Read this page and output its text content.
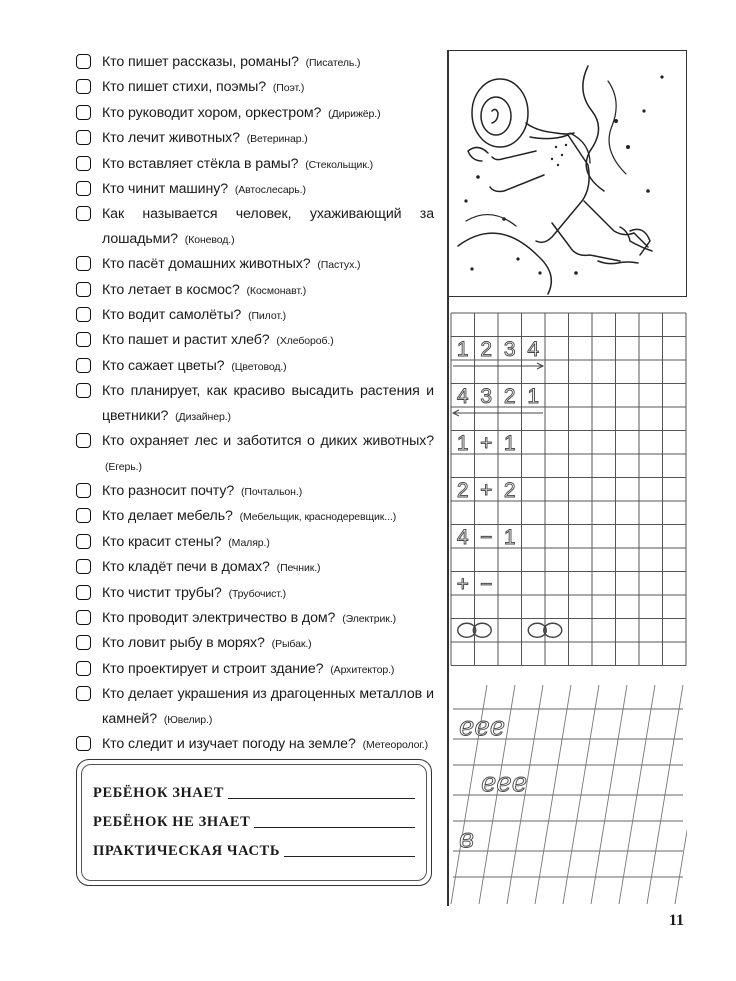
Кто пишет рассказы, романы? (Писатель.)
Кто пишет стихи, поэмы? (Поэт.)
Кто руководит хором, оркестром? (Дирижёр.)
Кто лечит животных? (Ветеринар.)
Кто вставляет стёкла в рамы? (Стекольщик.)
Кто чинит машину? (Автослесарь.)
Как называется человек, ухаживающий за лошадьми? (Коневод.)
Кто пасёт домашних животных? (Пастух.)
Кто летает в космос? (Космонавт.)
Кто водит самолёты? (Пилот.)
Кто пашет и растит хлеб? (Хлебороб.)
Кто сажает цветы? (Цветовод.)
Кто планирует, как красиво высадить растения и цветники? (Дизайнер.)
Кто охраняет лес и заботится о диких животных? (Егерь.)
Кто разносит почту? (Почтальон.)
Кто делает мебель? (Мебельщик, краснодеревщик...)
Кто красит стены? (Маляр.)
Кто кладёт печи в домах? (Печник.)
Кто чистит трубы? (Трубочист.)
Кто проводит электричество в дом? (Электрик.)
Кто ловит рыбу в морях? (Рыбак.)
Кто проектирует и строит здание? (Архитектор.)
Кто делает украшения из драгоценных металлов и камней? (Ювелир.)
Кто следит и изучает погоду на земле? (Метеоролог.)
РЕБЁНОК ЗНАЕТ
РЕБЁНОК НЕ ЗНАЕТ
ПРАКТИЧЕСКАЯ ЧАСТЬ
1 2 3 4
4 3 2 1
1 + 1
2 + 2
4 − 1
+ −
eee
eee
в
11
